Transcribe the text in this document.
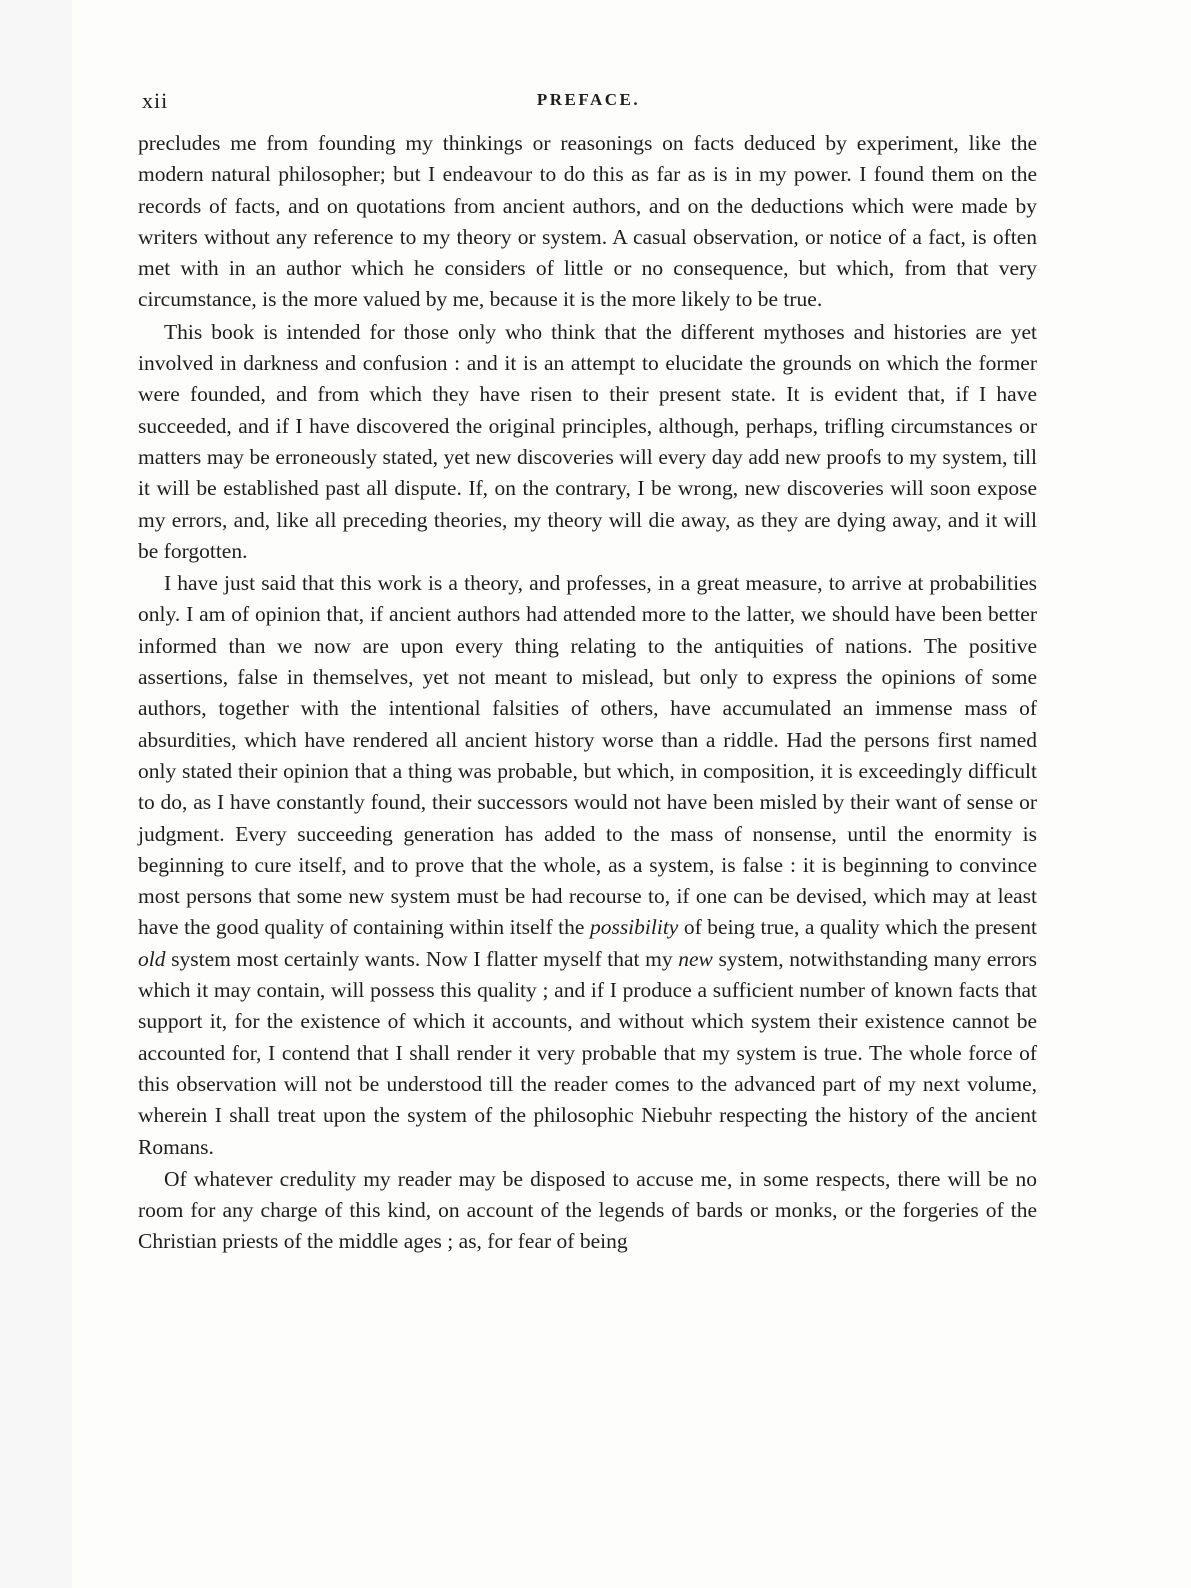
xii	PREFACE.

precludes me from founding my thinkings or reasonings on facts deduced by experiment, like the modern natural philosopher; but I endeavour to do this as far as is in my power. I found them on the records of facts, and on quotations from ancient authors, and on the deductions which were made by writers without any reference to my theory or system. A casual observation, or notice of a fact, is often met with in an author which he considers of little or no consequence, but which, from that very circumstance, is the more valued by me, because it is the more likely to be true.

This book is intended for those only who think that the different mythoses and histories are yet involved in darkness and confusion : and it is an attempt to elucidate the grounds on which the former were founded, and from which they have risen to their present state. It is evident that, if I have succeeded, and if I have discovered the original principles, although, perhaps, trifling circumstances or matters may be erroneously stated, yet new discoveries will every day add new proofs to my system, till it will be established past all dispute. If, on the contrary, I be wrong, new discoveries will soon expose my errors, and, like all preceding theories, my theory will die away, as they are dying away, and it will be forgotten.

I have just said that this work is a theory, and professes, in a great measure, to arrive at probabilities only. I am of opinion that, if ancient authors had attended more to the latter, we should have been better informed than we now are upon every thing relating to the antiquities of nations. The positive assertions, false in themselves, yet not meant to mislead, but only to express the opinions of some authors, together with the intentional falsities of others, have accumulated an immense mass of absurdities, which have rendered all ancient history worse than a riddle. Had the persons first named only stated their opinion that a thing was probable, but which, in composition, it is exceedingly difficult to do, as I have constantly found, their successors would not have been misled by their want of sense or judgment. Every succeeding generation has added to the mass of nonsense, until the enormity is beginning to cure itself, and to prove that the whole, as a system, is false : it is beginning to convince most persons that some new system must be had recourse to, if one can be devised, which may at least have the good quality of containing within itself the possibility of being true, a quality which the present old system most certainly wants. Now I flatter myself that my new system, notwithstanding many errors which it may contain, will possess this quality ; and if I produce a sufficient number of known facts that support it, for the existence of which it accounts, and without which system their existence cannot be accounted for, I contend that I shall render it very probable that my system is true. The whole force of this observation will not be understood till the reader comes to the advanced part of my next volume, wherein I shall treat upon the system of the philosophic Niebuhr respecting the history of the ancient Romans.

Of whatever credulity my reader may be disposed to accuse me, in some respects, there will be no room for any charge of this kind, on account of the legends of bards or monks, or the forgeries of the Christian priests of the middle ages ; as, for fear of being
